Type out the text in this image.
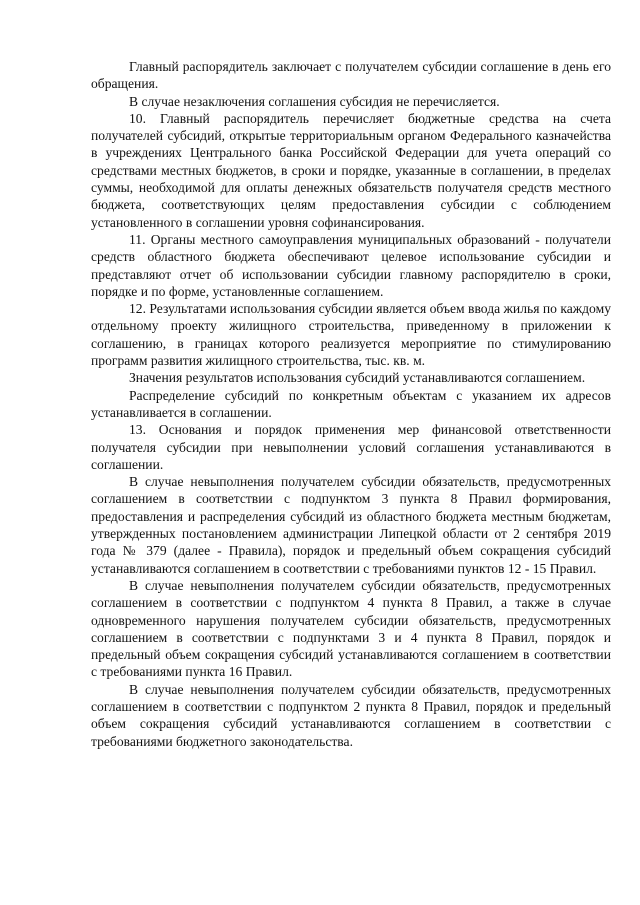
Главный распорядитель заключает с получателем субсидии соглашение в день его обращения.

В случае незаключения соглашения субсидия не перечисляется.

10. Главный распорядитель перечисляет бюджетные средства на счета получателей субсидий, открытые территориальным органом Федерального казначейства в учреждениях Центрального банка Российской Федерации для учета операций со средствами местных бюджетов, в сроки и порядке, указанные в соглашении, в пределах суммы, необходимой для оплаты денежных обязательств получателя средств местного бюджета, соответствующих целям предоставления субсидии с соблюдением установленного в соглашении уровня софинансирования.

11. Органы местного самоуправления муниципальных образований - получатели средств областного бюджета обеспечивают целевое использование субсидии и представляют отчет об использовании субсидии главному распорядителю в сроки, порядке и по форме, установленные соглашением.

12. Результатами использования субсидии является объем ввода жилья по каждому отдельному проекту жилищного строительства, приведенному в приложении к соглашению, в границах которого реализуется мероприятие по стимулированию программ развития жилищного строительства, тыс. кв. м.

Значения результатов использования субсидий устанавливаются соглашением.

Распределение субсидий по конкретным объектам с указанием их адресов устанавливается в соглашении.

13. Основания и порядок применения мер финансовой ответственности получателя субсидии при невыполнении условий соглашения устанавливаются в соглашении.

В случае невыполнения получателем субсидии обязательств, предусмотренных соглашением в соответствии с подпунктом 3 пункта 8 Правил формирования, предоставления и распределения субсидий из областного бюджета местным бюджетам, утвержденных постановлением администрации Липецкой области от 2 сентября 2019 года № 379 (далее - Правила), порядок и предельный объем сокращения субсидий устанавливаются соглашением в соответствии с требованиями пунктов 12 - 15 Правил.

В случае невыполнения получателем субсидии обязательств, предусмотренных соглашением в соответствии с подпунктом 4 пункта 8 Правил, а также в случае одновременного нарушения получателем субсидии обязательств, предусмотренных соглашением в соответствии с подпунктами 3 и 4 пункта 8 Правил, порядок и предельный объем сокращения субсидий устанавливаются соглашением в соответствии с требованиями пункта 16 Правил.

В случае невыполнения получателем субсидии обязательств, предусмотренных соглашением в соответствии с подпунктом 2 пункта 8 Правил, порядок и предельный объем сокращения субсидий устанавливаются соглашением в соответствии с требованиями бюджетного законодательства.
